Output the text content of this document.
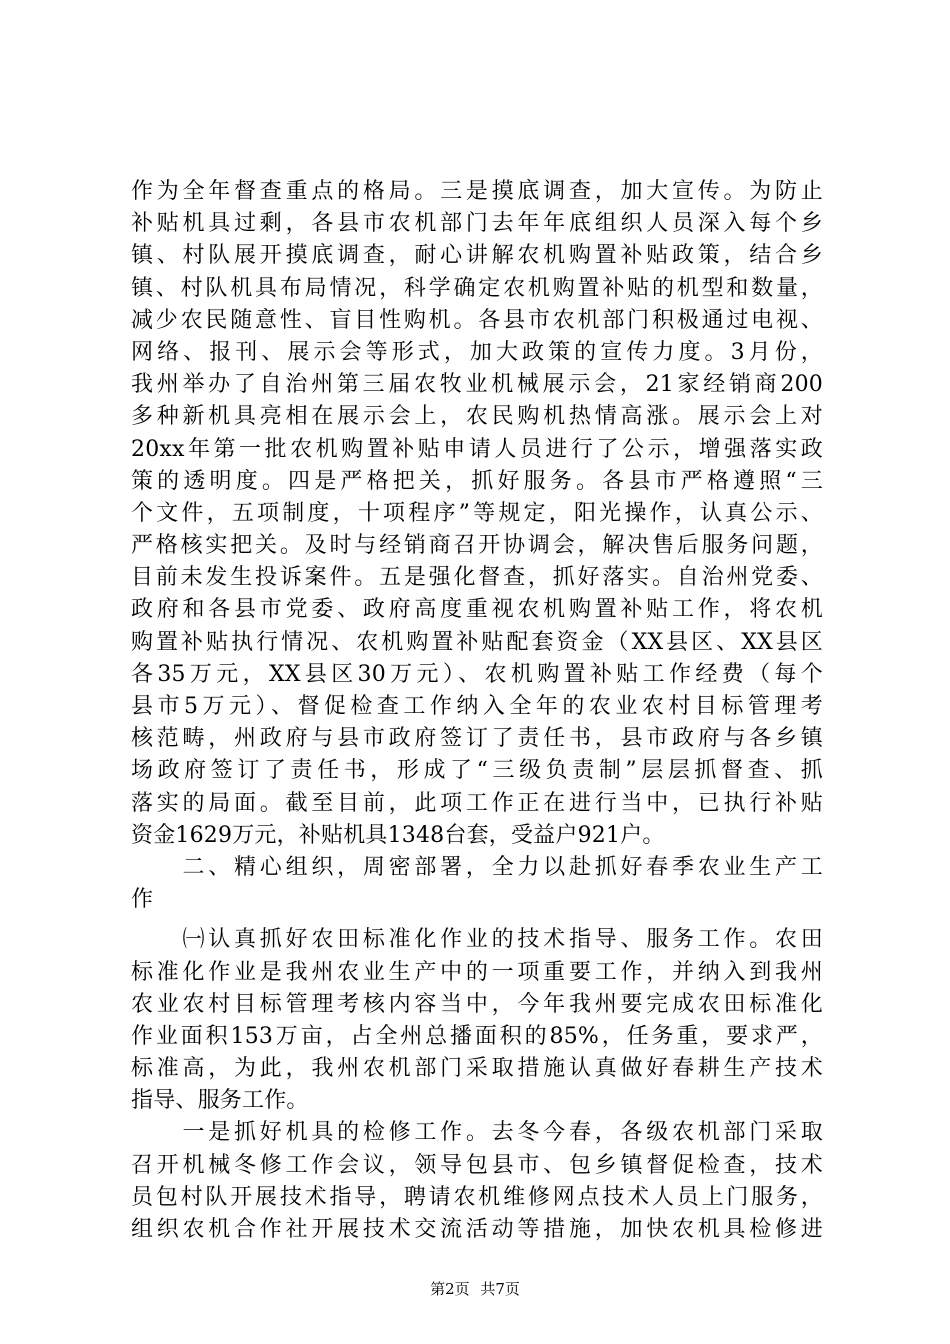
作为全年督查重点的格局。三是摸底调查，加大宣传。为防止
补贴机具过剩，各县市农机部门去年年底组织人员深入每个乡
镇、村队展开摸底调查，耐心讲解农机购置补贴政策，结合乡
镇、村队机具布局情况，科学确定农机购置补贴的机型和数量，
减少农民随意性、盲目性购机。各县市农机部门积极通过电视、
网络、报刊、展示会等形式，加大政策的宣传力度。3月份，
我州举办了自治州第三届农牧业机械展示会，21家经销商200
多种新机具亮相在展示会上，农民购机热情高涨。展示会上对
20xx年第一批农机购置补贴申请人员进行了公示，增强落实政
策的透明度。四是严格把关，抓好服务。各县市严格遵照“三
个文件，五项制度，十项程序”等规定，阳光操作，认真公示、
严格核实把关。及时与经销商召开协调会，解决售后服务问题，
目前未发生投诉案件。五是强化督查，抓好落实。自治州党委、
政府和各县市党委、政府高度重视农机购置补贴工作，将农机
购置补贴执行情况、农机购置补贴配套资金（XX县区、XX县区
各35万元，XX县区30万元）、农机购置补贴工作经费（每个
县市5万元）、督促检查工作纳入全年的农业农村目标管理考
核范畴，州政府与县市政府签订了责任书，县市政府与各乡镇
场政府签订了责任书，形成了“三级负责制”层层抓督查、抓
落实的局面。截至目前，此项工作正在进行当中，已执行补贴
资金1629万元，补贴机具1348台套，受益户921户。
　　二、精心组织，周密部署，全力以赴抓好春季农业生产工
作
　　㈠认真抓好农田标准化作业的技术指导、服务工作。农田
标准化作业是我州农业生产中的一项重要工作，并纳入到我州
农业农村目标管理考核内容当中，今年我州要完成农田标准化
作业面积153万亩，占全州总播面积的85%，任务重，要求严，
标准高，为此，我州农机部门采取措施认真做好春耕生产技术
指导、服务工作。
　　一是抓好机具的检修工作。去冬今春，各级农机部门采取
召开机械冬修工作会议，领导包县市、包乡镇督促检查，技术
员包村队开展技术指导，聘请农机维修网点技术人员上门服务，
组织农机合作社开展技术交流活动等措施，加快农机具检修进
第2页 共7页
